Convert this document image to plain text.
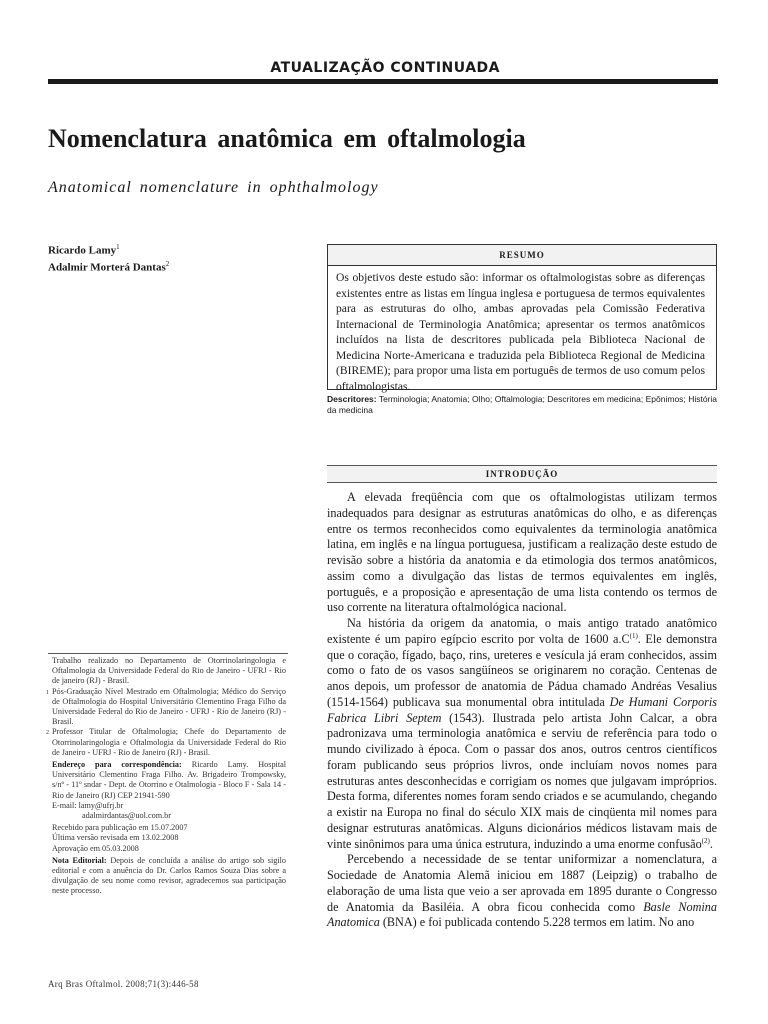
ATUALIZAÇÃO CONTINUADA
Nomenclatura anatômica em oftalmologia
Anatomical nomenclature in ophthalmology
Ricardo Lamy$^1$
Adalmir Morterá Dantas$^2$
RESUMO
Os objetivos deste estudo são: informar os oftalmologistas sobre as diferenças existentes entre as listas em língua inglesa e portuguesa de termos equivalentes para as estruturas do olho, ambas aprovadas pela Comissão Federativa Internacional de Terminologia Anatômica; apresentar os termos anatômicos incluídos na lista de descritores publicada pela Biblioteca Nacional de Medicina Norte-Americana e traduzida pela Biblioteca Regional de Medicina (BIREME); para propor uma lista em português de termos de uso comum pelos oftalmologistas.
Descritores: Terminologia; Anatomia; Olho; Oftalmologia; Descritores em medicina; Epônimos; História da medicina
INTRODUÇÃO

A elevada freqüência com que os oftalmologistas utilizam termos inadequados para designar as estruturas anatômicas do olho, e as diferenças entre os termos reconhecidos como equivalentes da terminologia anatômica latina, em inglês e na língua portuguesa, justificam a realização deste estudo de revisão sobre a história da anatomia e da etimologia dos termos anatômicos, assim como a divulgação das listas de termos equivalentes em inglês, português, e a proposição e apresentação de uma lista contendo os termos de uso corrente na literatura oftalmológica nacional.

Na história da origem da anatomia, o mais antigo tratado anatômico existente é um papiro egípcio escrito por volta de 1600 $a.C^{(1)}$. Ele demonstra que o coração, fígado, baço, rins, ureteres e vesícula já eram conhecidos, assim como o fato de os vasos sangüíneos se originarem no coração. Centenas de anos depois, um professor de anatomia de Pádua chamado Andréas Vesalius (1514-1564) publicava sua monumental obra intitulada De Humani Corporis Fabrica Libri Septem (1543). Ilustrada pelo artista John Calcar, a obra padronizava uma terminologia anatômica e serviu de referência para todo o mundo civilizado à época. Com o passar dos anos, outros centros científicos foram publicando seus próprios livros, onde incluíam novos nomes para estruturas antes desconhecidas e corrigiam os nomes que julgavam impróprios. Desta forma, diferentes nomes foram sendo criados e se acumulando, chegando a existir na Europa no final do século XIX mais de cinqüenta mil nomes para designar estruturas anatômicas. Alguns dicionários médicos listavam mais de vinte sinônimos para uma única estrutura, induzindo a uma enorme confusão$^{(2)}$.

Percebendo a necessidade de se tentar uniformizar a nomenclatura, a Sociedade de Anatomia Alemã iniciou em 1887 (Leipzig) o trabalho de elaboração de uma lista que veio a ser aprovada em 1895 durante o Congresso de Anatomia da Basiléia. A obra ficou conhecida como Basle Nomina Anatomica (BNA) e foi publicada contendo 5.228 termos em latim. No ano

Trabalho realizado no Departamento de Otorrinolaringologia e Oftalmologia da Universidade Federal do Rio de Janeiro - UFRJ - Rio de janeiro (RJ) - Brasil.
1 Pós-Graduação Nível Mestrado em Oftalmologia; Médico do Serviço de Oftalmologia do Hospital Universitário Clementino Fraga Filho da Universidade Federal do Rio de Janeiro - UFRJ - Rio de Janeiro (RJ) - Brasil.
2 Professor Titular de Oftalmologia; Chefe do Departamento de Otorrinolaringologia e Oftalmologia da Universidade Federal do Rio de Janeiro - UFRJ - Rio de Janeiro (RJ) - Brasil.
Endereço para correspondência: Ricardo Lamy. Hospital Universitário Clementino Fraga Filho. Av. Brigadeiro Trompowsky, s/nº - 11º sndar - Dept. de Otorrino e Otalmologia - Bloco F - Sala 14 - Rio de Janeiro (RJ) CEP 21941-590
E-mail: lamy@ufrj.br
adalmirdantas@uol.com.br
Recebido para publicação em 15.07.2007
Última versão revisada em 13.02.2008
Aprovação em 05.03.2008
Nota Editorial: Depois de concluída a análise do artigo sob sigilo editorial e com a anuência do Dr. Carlos Ramos Souza Dias sobre a divulgação de seu nome como revisor, agradecemos sua participação neste processo.
Arq Bras Oftalmol. 2008;71(3):446-58
